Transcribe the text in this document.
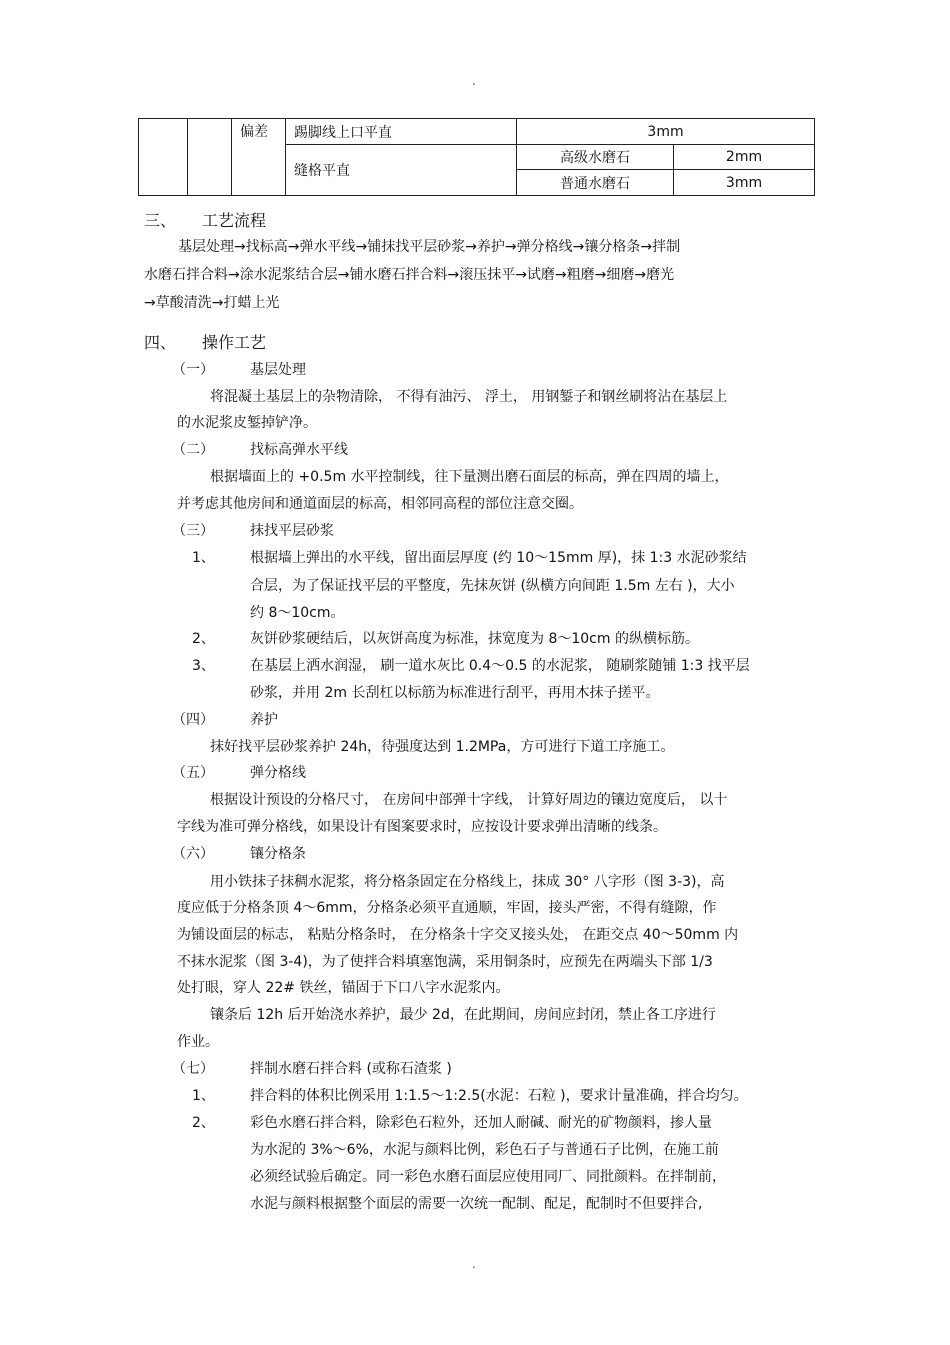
.
		偏差	踢脚线上口平直	3mm	
			缝格平直	高级水磨石	2mm
				普通水磨石	3mm
三、 工艺流程
基层处理→找标高→弹水平线→铺抹找平层砂浆→养护→弹分格线→镶分格条→拌制
水磨石拌合料→涂水泥浆结合层→铺水磨石拌合料→滚压抹平→试磨→粗磨→细磨→磨光
→草酸清洗→打蜡上光
四、 操作工艺
（一）	基层处理
将混凝土基层上的杂物清除， 不得有油污、 浮土， 用钢錾子和钢丝刷将沾在基层上
的水泥浆皮錾掉铲净。
（二）	找标高弹水平线
根据墙面上的 +0.5m 水平控制线，往下量测出磨石面层的标高，弹在四周的墙上，
并考虑其他房间和通道面层的标高，相邻同高程的部位注意交圈。
（三）	抹找平层砂浆
1、	根据墙上弹出的水平线，留出面层厚度 (约 10～15mm 厚)，抹 1:3 水泥砂浆结
合层，为了保证找平层的平整度，先抹灰饼 (纵横方向间距 1.5m 左右 )，大小
约 8～10cm。
2、	灰饼砂浆硬结后，以灰饼高度为标准，抹宽度为 8～10cm 的纵横标筋。
3、	在基层上洒水润湿， 刷一道水灰比 0.4～0.5 的水泥浆， 随刷浆随铺 1:3 找平层
砂浆，并用 2m 长刮杠以标筋为标准进行刮平，再用木抹子搓平。
（四）	养护
抹好找平层砂浆养护 24h，待强度达到 1.2MPa，方可进行下道工序施工。
（五）	弹分格线
根据设计预设的分格尺寸， 在房间中部弹十字线， 计算好周边的镶边宽度后， 以十
字线为准可弹分格线，如果设计有图案要求时，应按设计要求弹出清晰的线条。
（六）	镶分格条
用小铁抹子抹稠水泥浆，将分格条固定在分格线上，抹成 30° 八字形（图 3-3)，高
度应低于分格条顶 4～6mm，分格条必须平直通顺，牢固，接头严密，不得有缝隙，作
为铺设面层的标志， 粘贴分格条时， 在分格条十字交叉接头处， 在距交点 40～50mm 内
不抹水泥浆（图 3-4)，为了使拌合料填塞饱满，采用铜条时，应预先在两端头下部 1/3
处打眼，穿人 22# 铁丝，锚固于下口八字水泥浆内。
镶条后 12h 后开始浇水养护，最少 2d，在此期间，房间应封闭，禁止各工序进行
作业。
（七）	拌制水磨石拌合料 (或称石渣浆 )
1、	拌合料的体积比例采用 1:1.5～1:2.5(水泥：石粒 )，要求计量准确，拌合均匀。
2、	彩色水磨石拌合料，除彩色石粒外，还加人耐碱、耐光的矿物颜料，掺人量
为水泥的 3%～6%，水泥与颜料比例，彩色石子与普通石子比例，在施工前
必须经试验后确定。同一彩色水磨石面层应使用同厂、同批颜料。在拌制前，
水泥与颜料根据整个面层的需要一次统一配制、配足，配制时不但要拌合,
.
